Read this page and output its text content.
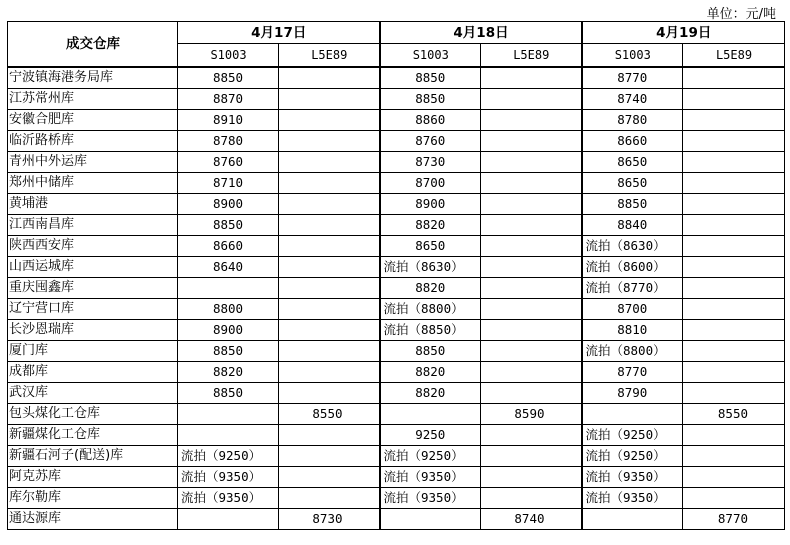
单位：元/吨
成交仓库	4月17日		4月18日		4月19日	
	S1003	L5E89	S1003	L5E89	S1003	L5E89
宁波镇海港务局库	8850		8850		8770	
江苏常州库	8870		8850		8740	
安徽合肥库	8910		8860		8780	
临沂路桥库	8780		8760		8660	
青州中外运库	8760		8730		8650	
郑州中储库	8710		8700		8650	
黄埔港	8900		8900		8850	
江西南昌库	8850		8820		8840	
陕西西安库	8660		8650		流拍（8630）	
山西运城库	8640		流拍（8630）		流拍（8600）	
重庆囤鑫库			8820		流拍（8770）	
辽宁营口库	8800		流拍（8800）		8700	
长沙恩瑞库	8900		流拍（8850）		8810	
厦门库	8850		8850		流拍（8800）	
成都库	8820		8820		8770	
武汉库	8850		8820		8790	
包头煤化工仓库		8550		8590		8550
新疆煤化工仓库			9250		流拍（9250）	
新疆石河子(配送)库	流拍（9250）		流拍（9250）		流拍（9250）	
阿克苏库	流拍（9350）		流拍（9350）		流拍（9350）	
库尔勒库	流拍（9350）		流拍（9350）		流拍（9350）	
通达源库		8730		8740		8770
